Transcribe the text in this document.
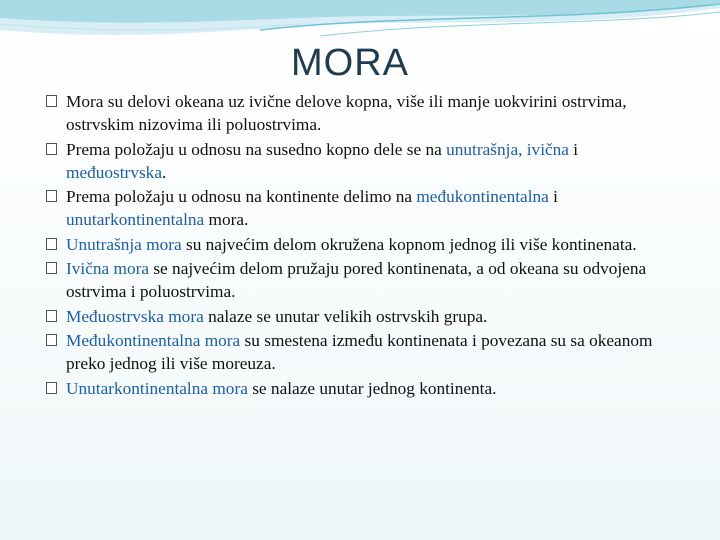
MORA
Mora su delovi okeana uz ivične delove kopna, više ili manje uokvirini ostrvima, ostrvskim nizovima ili poluostrvima.
Prema položaju u odnosu na susedno kopno dele se na unutrašnja, ivična i međuostrvska.
Prema položaju u odnosu na kontinente delimo na međukontinentalna i unutarkontinentalna mora.
Unutrašnja mora su najvećim delom okružena kopnom jednog ili više kontinenata.
Ivična mora se najvećim delom pružaju pored kontinenata, a od okeana su odvojena ostrvima i poluostrvima.
Međuostrvska mora nalaze se unutar velikih ostrvskih grupa.
Međukontinentalna mora su smestena između kontinenata i povezana su sa okeanom preko jednog ili više moreuza.
Unutarkontinentalna mora se nalaze unutar jednog kontinenta.
